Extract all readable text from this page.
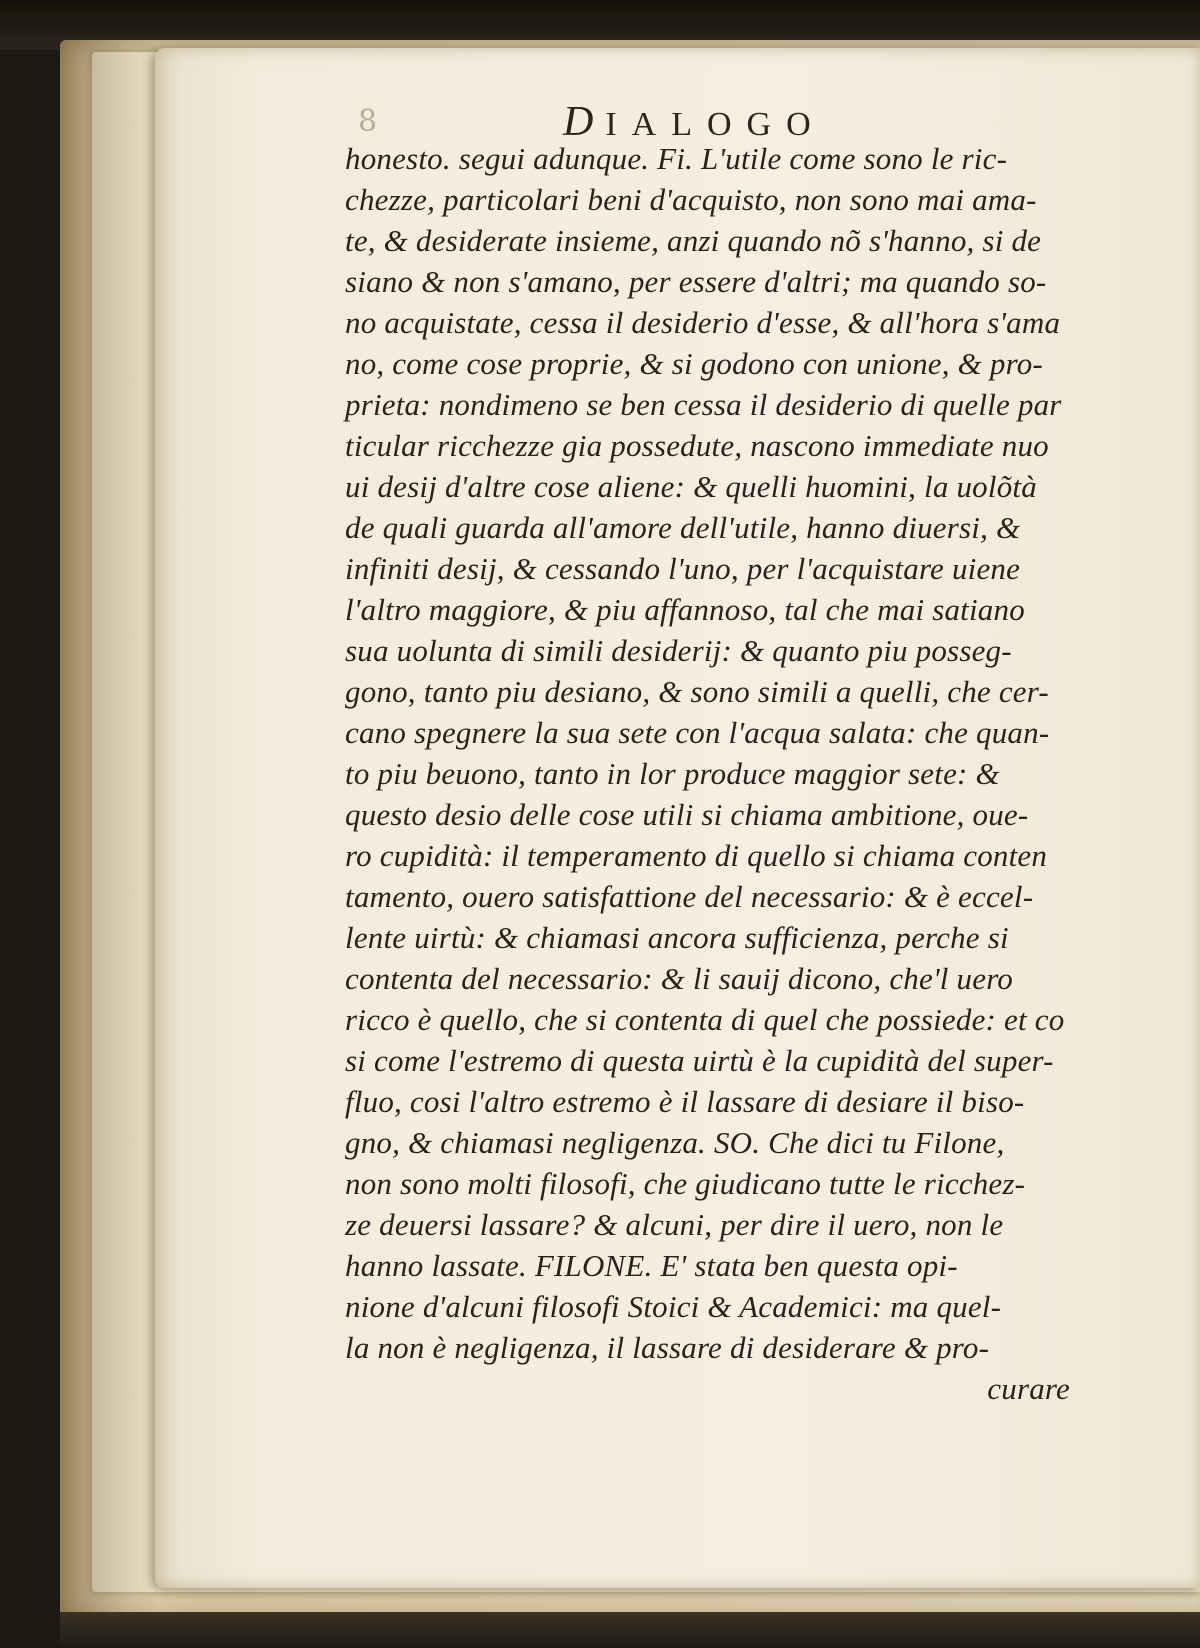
8	DIALOGO
honesto. segui adunque. Fi. L'utile come sono le ric-
chezze, particolari beni d'acquisto, non sono mai ama-
te, & desiderate insieme, anzi quando nõ s'hanno, si de
siano & non s'amano, per essere d'altri; ma quando so-
no acquistate, cessa il desiderio d'esse, & all'hora s'ama
no, come cose proprie, & si godono con unione, & pro-
prieta: nondimeno se ben cessa il desiderio di quelle par
ticular ricchezze gia possedute, nascono immediate nuo
ui desij d'altre cose aliene: & quelli huomini, la uolõtà
de quali guarda all'amore dell'utile, hanno diuersi, &
infiniti desij, & cessando l'uno, per l'acquistare uiene
l'altro maggiore, & piu affannoso, tal che mai satiano
sua uolunta di simili desiderij: & quanto piu posseg-
gono, tanto piu desiano, & sono simili a quelli, che cer-
cano spegnere la sua sete con l'acqua salata: che quan-
to piu beuono, tanto in lor produce maggior sete: &
questo desio delle cose utili si chiama ambitione, oue-
ro cupidità: il temperamento di quello si chiama conten
tamento, ouero satisfattione del necessario: & è eccel-
lente uirtù: & chiamasi ancora sufficienza, perche si
contenta del necessario: & li sauij dicono, che'l uero
ricco è quello, che si contenta di quel che possiede: et co
si come l'estremo di questa uirtù è la cupidità del super-
fluo, cosi l'altro estremo è il lassare di desiare il biso-
gno, & chiamasi negligenza. SO. Che dici tu Filone,
non sono molti filosofi, che giudicano tutte le ricchez-
ze deuersi lassare? & alcuni, per dire il uero, non le
hanno lassate. FILONE. E' stata ben questa opi-
nione d'alcuni filosofi Stoici & Academici: ma quel-
la non è negligenza, il lassare di desiderare & pro-
curare
